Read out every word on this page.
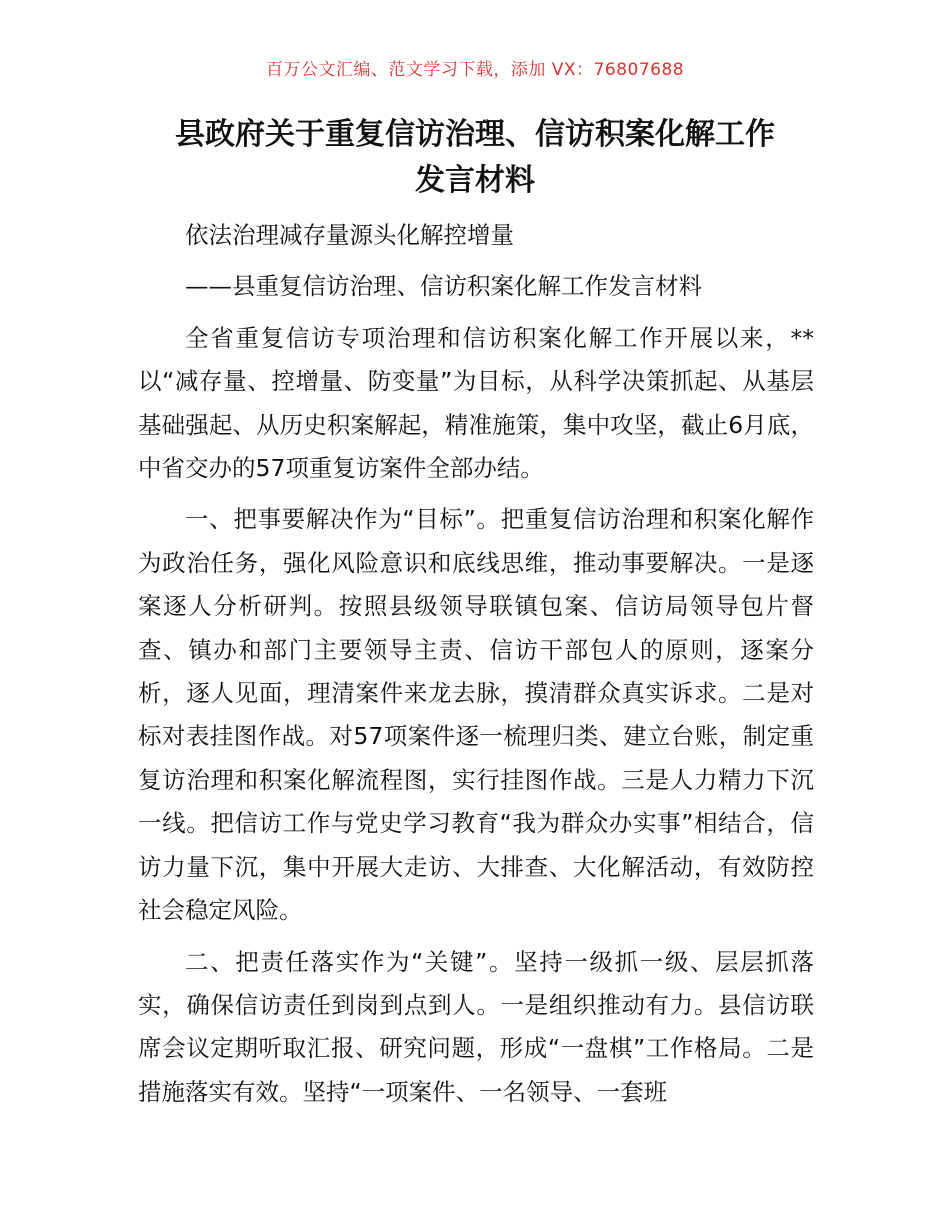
百万公文汇编、范文学习下载，添加 VX：76807688
县政府关于重复信访治理、信访积案化解工作
发言材料

依法治理减存量源头化解控增量

——县重复信访治理、信访积案化解工作发言材料

全省重复信访专项治理和信访积案化解工作开展以来，**以“减存量、控增量、防变量”为目标，从科学决策抓起、从基层基础强起、从历史积案解起，精准施策，集中攻坚，截止6月底，中省交办的57项重复访案件全部办结。

一、把事要解决作为“目标”。把重复信访治理和积案化解作为政治任务，强化风险意识和底线思维，推动事要解决。一是逐案逐人分析研判。按照县级领导联镇包案、信访局领导包片督查、镇办和部门主要领导主责、信访干部包人的原则，逐案分析，逐人见面，理清案件来龙去脉，摸清群众真实诉求。二是对标对表挂图作战。对57项案件逐一梳理归类、建立台账，制定重复访治理和积案化解流程图，实行挂图作战。三是人力精力下沉一线。把信访工作与党史学习教育“我为群众办实事”相结合，信访力量下沉，集中开展大走访、大排查、大化解活动，有效防控社会稳定风险。

二、把责任落实作为“关键”。坚持一级抓一级、层层抓落实，确保信访责任到岗到点到人。一是组织推动有力。县信访联席会议定期听取汇报、研究问题，形成“一盘棋”工作格局。二是措施落实有效。坚持“一项案件、一名领导、一套班
